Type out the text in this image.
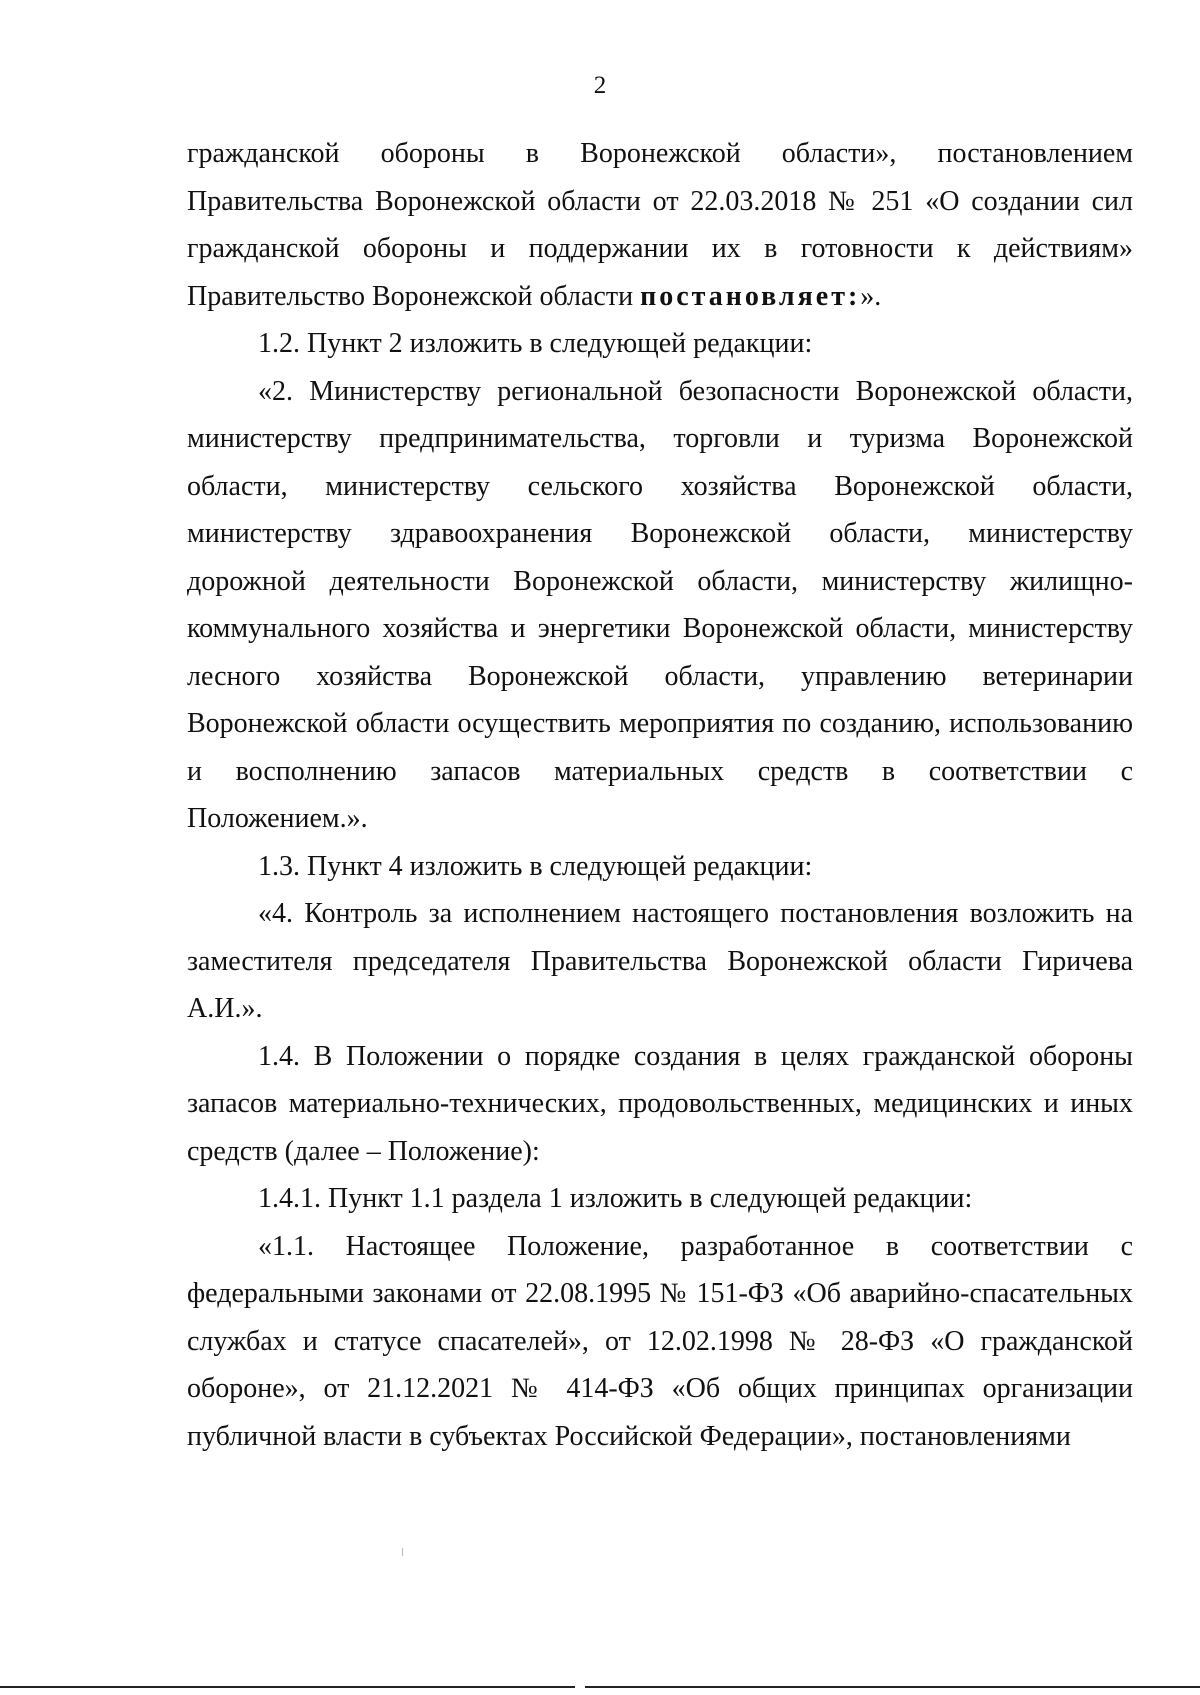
2

гражданской обороны в Воронежской области», постановлением Правительства Воронежской области от 22.03.2018 № 251 «О создании сил гражданской обороны и поддержании их в готовности к действиям» Правительство Воронежской области постановляет:».

1.2. Пункт 2 изложить в следующей редакции:

«2. Министерству региональной безопасности Воронежской области, министерству предпринимательства, торговли и туризма Воронежской области, министерству сельского хозяйства Воронежской области, министерству здравоохранения Воронежской области, министерству дорожной деятельности Воронежской области, министерству жилищно-коммунального хозяйства и энергетики Воронежской области, министерству лесного хозяйства Воронежской области, управлению ветеринарии Воронежской области осуществить мероприятия по созданию, использованию и восполнению запасов материальных средств в соответствии с Положением.».

1.3. Пункт 4 изложить в следующей редакции:

«4. Контроль за исполнением настоящего постановления возложить на заместителя председателя Правительства Воронежской области Гиричева А.И.».

1.4. В Положении о порядке создания в целях гражданской обороны запасов материально-технических, продовольственных, медицинских и иных средств (далее – Положение):

1.4.1. Пункт 1.1 раздела 1 изложить в следующей редакции:

«1.1. Настоящее Положение, разработанное в соответствии с федеральными законами от 22.08.1995 № 151-ФЗ «Об аварийно-спасательных службах и статусе спасателей», от 12.02.1998 № 28-ФЗ «О гражданской обороне», от 21.12.2021 № 414-ФЗ «Об общих принципах организации публичной власти в субъектах Российской Федерации», постановлениями
